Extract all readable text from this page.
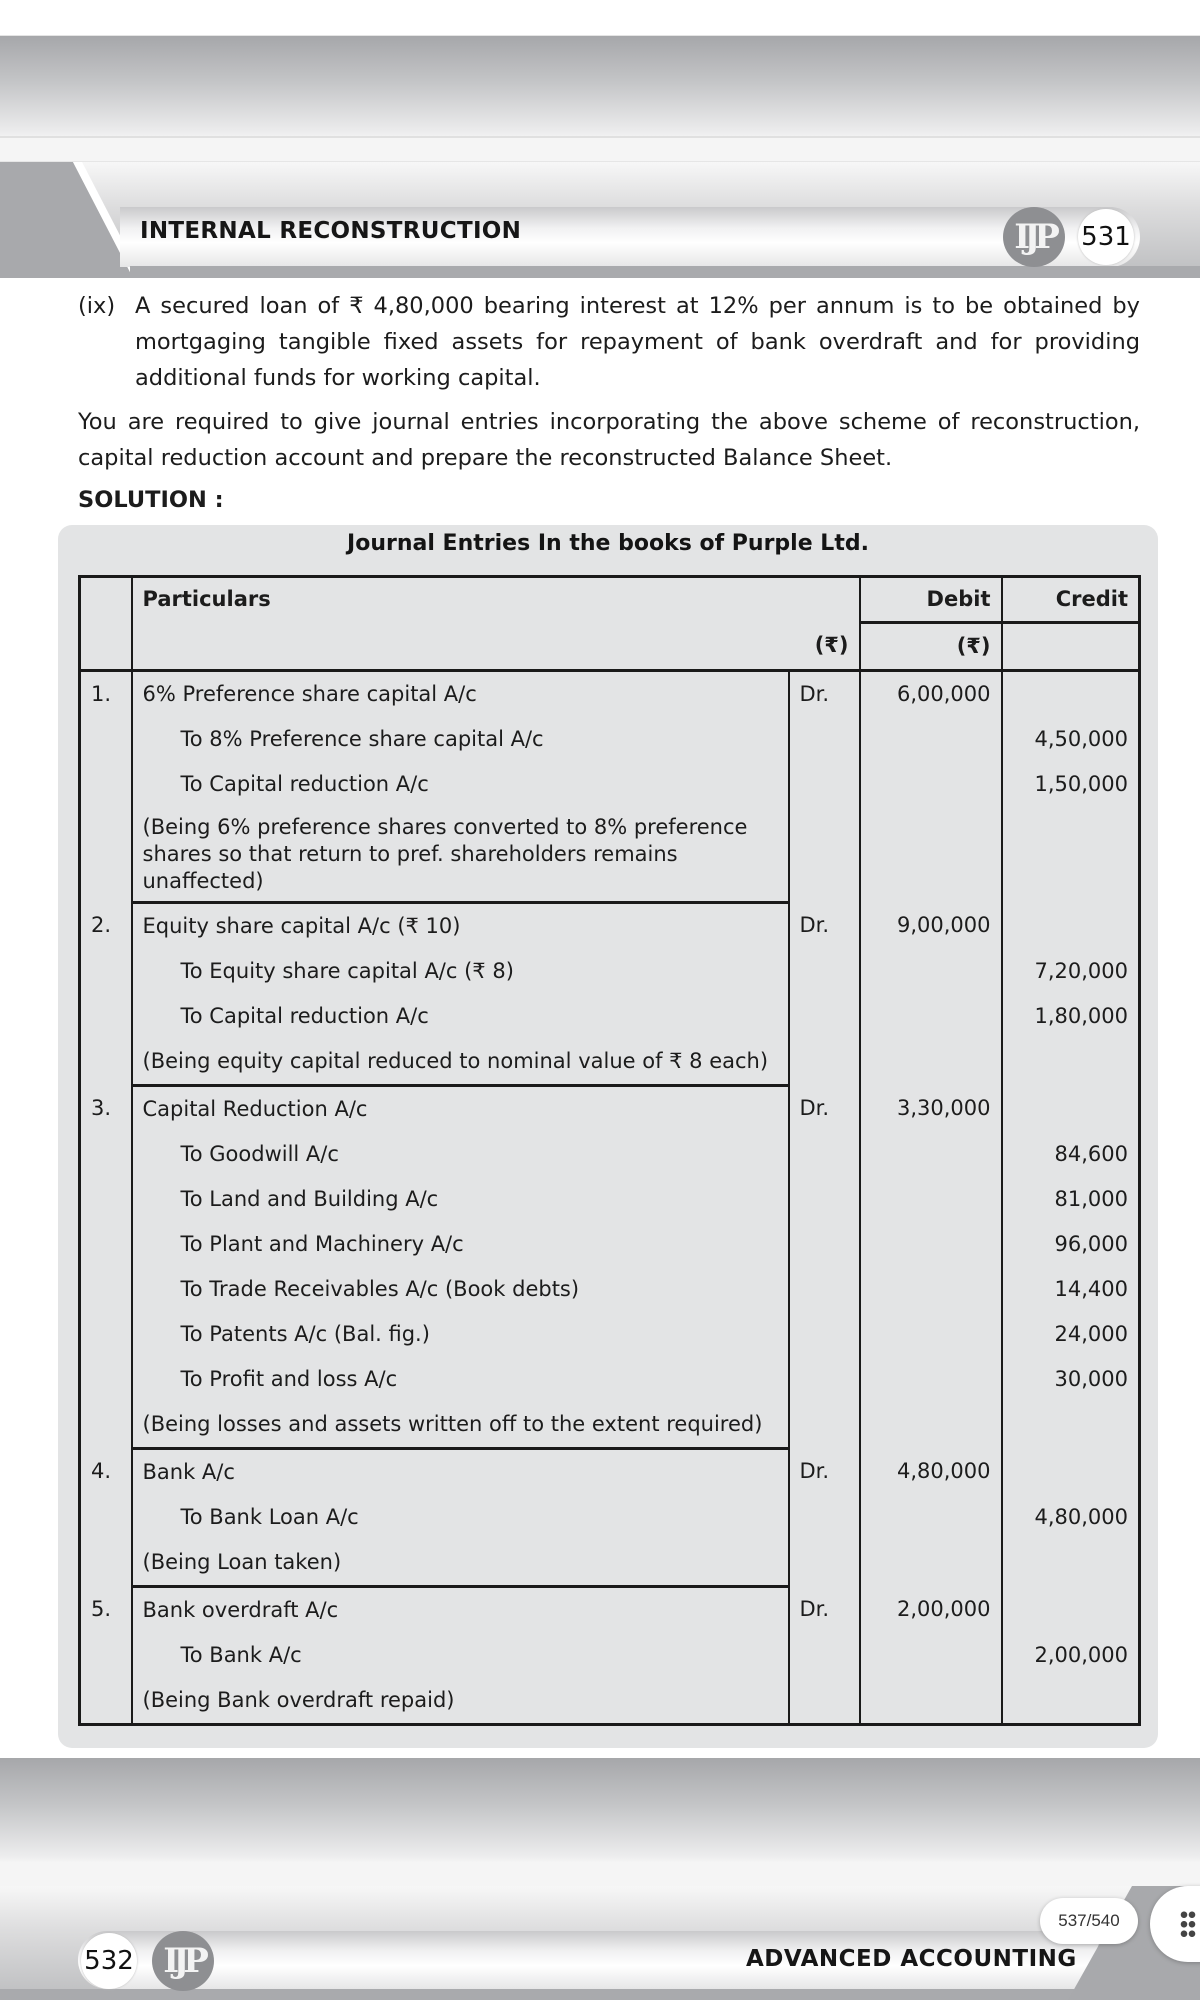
INTERNAL RECONSTRUCTION	IJP	531
(ix) A secured loan of ₹ 4,80,000 bearing interest at 12% per annum is to be obtained by mortgaging tangible fixed assets for repayment of bank overdraft and for providing additional funds for working capital.
You are required to give journal entries incorporating the above scheme of reconstruction, capital reduction account and prepare the reconstructed Balance Sheet.
SOLUTION :
Journal Entries In the books of Purple Ltd.
	Particulars		Debit	Credit
	(₹)		(₹)	
1.	6% Preference share capital A/c	Dr.	6,00,000	
	To 8% Preference share capital A/c			4,50,000
	To Capital reduction A/c			1,50,000
	(Being 6% preference shares converted to 8% preference shares so that return to pref. shareholders remains unaffected)			
2.	Equity share capital A/c (₹ 10)	Dr.	9,00,000	
	To Equity share capital A/c (₹ 8)			7,20,000
	To Capital reduction A/c			1,80,000
	(Being equity capital reduced to nominal value of ₹ 8 each)			
3.	Capital Reduction A/c	Dr.	3,30,000	
	To Goodwill A/c			84,600
	To Land and Building A/c			81,000
	To Plant and Machinery A/c			96,000
	To Trade Receivables A/c (Book debts)			14,400
	To Patents A/c (Bal. fig.)			24,000
	To Profit and loss A/c			30,000
	(Being losses and assets written off to the extent required)			
4.	Bank A/c	Dr.	4,80,000	
	To Bank Loan A/c			4,80,000
	(Being Loan taken)			
5.	Bank overdraft A/c	Dr.	2,00,000	
	To Bank A/c			2,00,000
	(Being Bank overdraft repaid)			
532 IJP	ADVANCED ACCOUNTING
537/540
